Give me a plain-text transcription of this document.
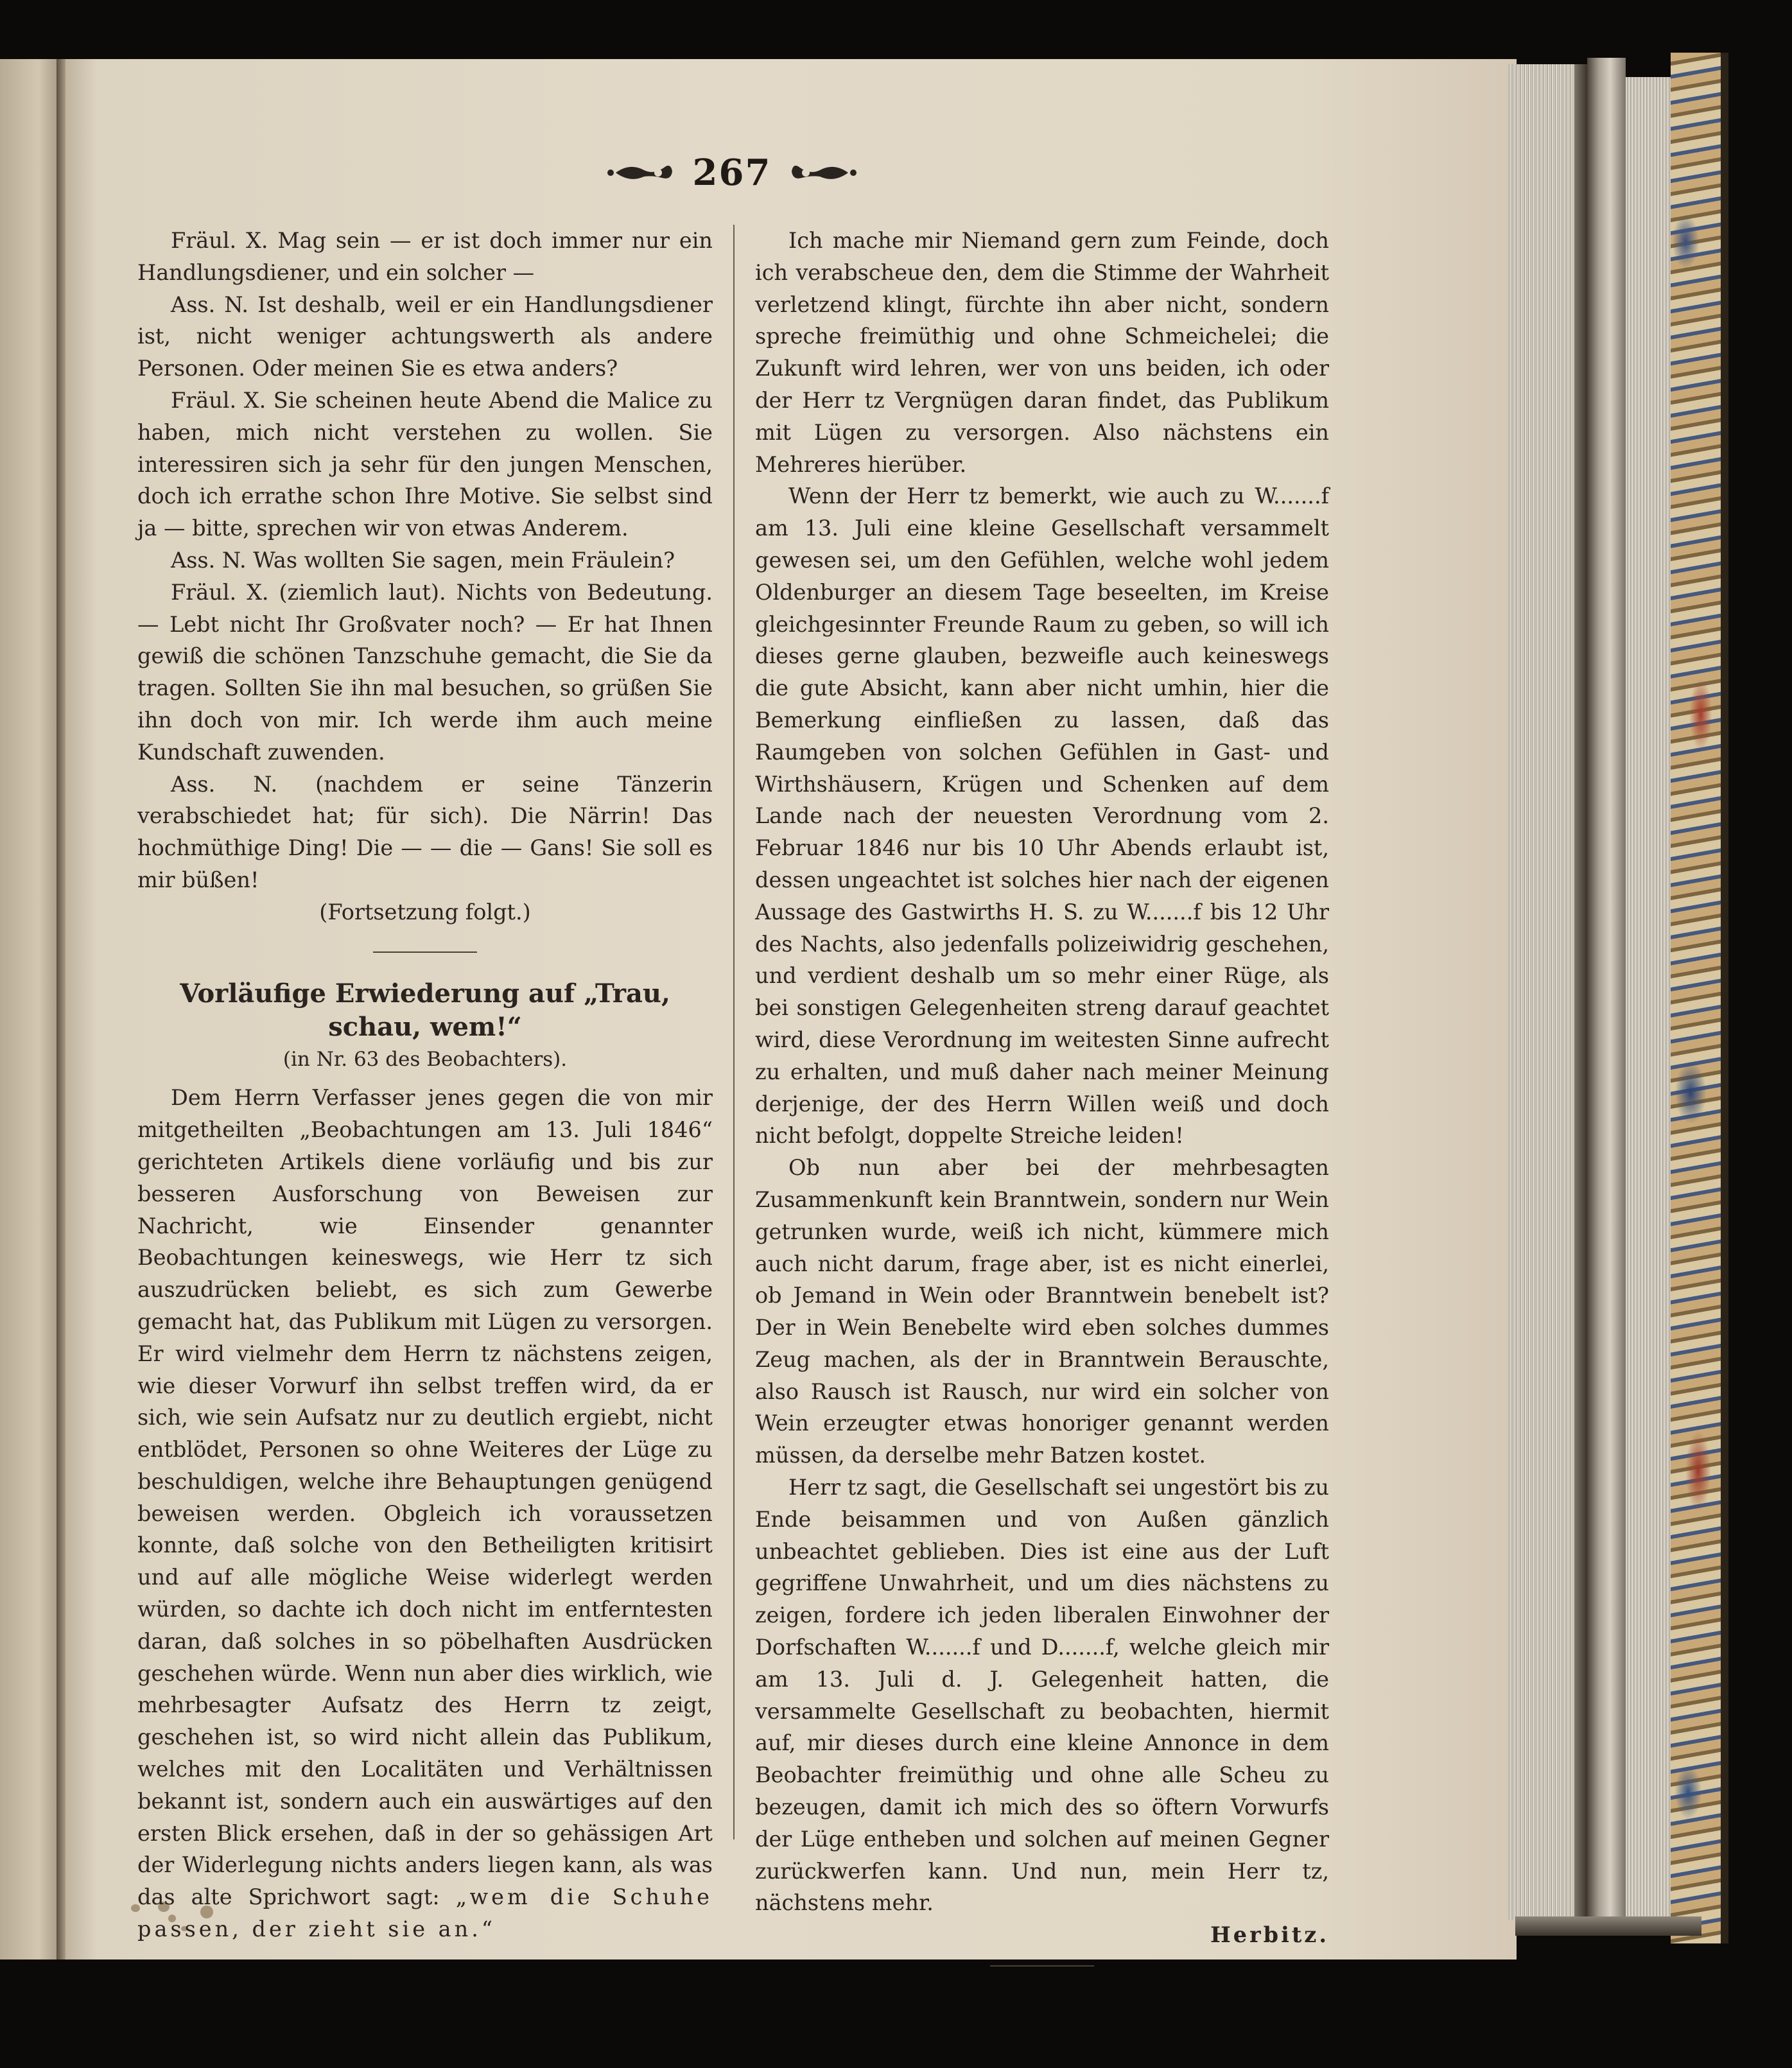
267

Fräul. X. Mag sein — er ist doch immer nur ein Handlungsdiener, und ein solcher —

Ass. N. Ist deshalb, weil er ein Handlungsdiener ist, nicht weniger achtungswerth als andere Personen. Oder meinen Sie es etwa anders?

Fräul. X. Sie scheinen heute Abend die Malice zu haben, mich nicht verstehen zu wollen. Sie interessiren sich ja sehr für den jungen Menschen, doch ich errathe schon Ihre Motive. Sie selbst sind ja — bitte, sprechen wir von etwas Anderem.

Ass. N. Was wollten Sie sagen, mein Fräulein?

Fräul. X. (ziemlich laut). Nichts von Bedeutung. — Lebt nicht Ihr Großvater noch? — Er hat Ihnen gewiß die schönen Tanzschuhe gemacht, die Sie da tragen. Sollten Sie ihn mal besuchen, so grüßen Sie ihn doch von mir. Ich werde ihm auch meine Kundschaft zuwenden.

Ass. N. (nachdem er seine Tänzerin verabschiedet hat; für sich). Die Närrin! Das hochmüthige Ding! Die — — die — Gans! Sie soll es mir büßen!

(Fortsetzung folgt.)

Vorläufige Erwiederung auf „Trau, schau, wem!“

(in Nr. 63 des Beobachters).

Dem Herrn Verfasser jenes gegen die von mir mitgetheilten „Beobachtungen am 13. Juli 1846“ gerichteten Artikels diene vorläufig und bis zur besseren Ausforschung von Beweisen zur Nachricht, wie Einsender genannter Beobachtungen keineswegs, wie Herr tz sich auszudrücken beliebt, es sich zum Gewerbe gemacht hat, das Publikum mit Lügen zu versorgen. Er wird vielmehr dem Herrn tz nächstens zeigen, wie dieser Vorwurf ihn selbst treffen wird, da er sich, wie sein Aufsatz nur zu deutlich ergiebt, nicht entblödet, Personen so ohne Weiteres der Lüge zu beschuldigen, welche ihre Behauptungen genügend beweisen werden. Obgleich ich voraussetzen konnte, daß solche von den Betheiligten kritisirt und auf alle mögliche Weise widerlegt werden würden, so dachte ich doch nicht im entferntesten daran, daß solches in so pöbelhaften Ausdrücken geschehen würde. Wenn nun aber dies wirklich, wie mehrbesagter Aufsatz des Herrn tz zeigt, geschehen ist, so wird nicht allein das Publikum, welches mit den Localitäten und Verhältnissen bekannt ist, sondern auch ein auswärtiges auf den ersten Blick ersehen, daß in der so gehässigen Art der Widerlegung nichts anders liegen kann, als was das alte Sprichwort sagt: „wem die Schuhe passen, der zieht sie an.“

Ich mache mir Niemand gern zum Feinde, doch ich verabscheue den, dem die Stimme der Wahrheit verletzend klingt, fürchte ihn aber nicht, sondern spreche freimüthig und ohne Schmeichelei; die Zukunft wird lehren, wer von uns beiden, ich oder der Herr tz Vergnügen daran findet, das Publikum mit Lügen zu versorgen. Also nächstens ein Mehreres hierüber.

Wenn der Herr tz bemerkt, wie auch zu W.......f am 13. Juli eine kleine Gesellschaft versammelt gewesen sei, um den Gefühlen, welche wohl jedem Oldenburger an diesem Tage beseelten, im Kreise gleichgesinnter Freunde Raum zu geben, so will ich dieses gerne glauben, bezweifle auch keineswegs die gute Absicht, kann aber nicht umhin, hier die Bemerkung einfließen zu lassen, daß das Raumgeben von solchen Gefühlen in Gast- und Wirthshäusern, Krügen und Schenken auf dem Lande nach der neuesten Verordnung vom 2. Februar 1846 nur bis 10 Uhr Abends erlaubt ist, dessen ungeachtet ist solches hier nach der eigenen Aussage des Gastwirths H. S. zu W.......f bis 12 Uhr des Nachts, also jedenfalls polizeiwidrig geschehen, und verdient deshalb um so mehr einer Rüge, als bei sonstigen Gelegenheiten streng darauf geachtet wird, diese Verordnung im weitesten Sinne aufrecht zu erhalten, und muß daher nach meiner Meinung derjenige, der des Herrn Willen weiß und doch nicht befolgt, doppelte Streiche leiden!

Ob nun aber bei der mehrbesagten Zusammenkunft kein Branntwein, sondern nur Wein getrunken wurde, weiß ich nicht, kümmere mich auch nicht darum, frage aber, ist es nicht einerlei, ob Jemand in Wein oder Branntwein benebelt ist? Der in Wein Benebelte wird eben solches dummes Zeug machen, als der in Branntwein Berauschte, also Rausch ist Rausch, nur wird ein solcher von Wein erzeugter etwas honoriger genannt werden müssen, da derselbe mehr Batzen kostet.

Herr tz sagt, die Gesellschaft sei ungestört bis zu Ende beisammen und von Außen gänzlich unbeachtet geblieben. Dies ist eine aus der Luft gegriffene Unwahrheit, und um dies nächstens zu zeigen, fordere ich jeden liberalen Einwohner der Dorfschaften W.......f und D.......f, welche gleich mir am 13. Juli d. J. Gelegenheit hatten, die versammelte Gesellschaft zu beobachten, hiermit auf, mir dieses durch eine kleine Annonce in dem Beobachter freimüthig und ohne alle Scheu zu bezeugen, damit ich mich des so öftern Vorwurfs der Lüge entheben und solchen auf meinen Gegner zurückwerfen kann. Und nun, mein Herr tz, nächstens mehr.

Herbitz.
